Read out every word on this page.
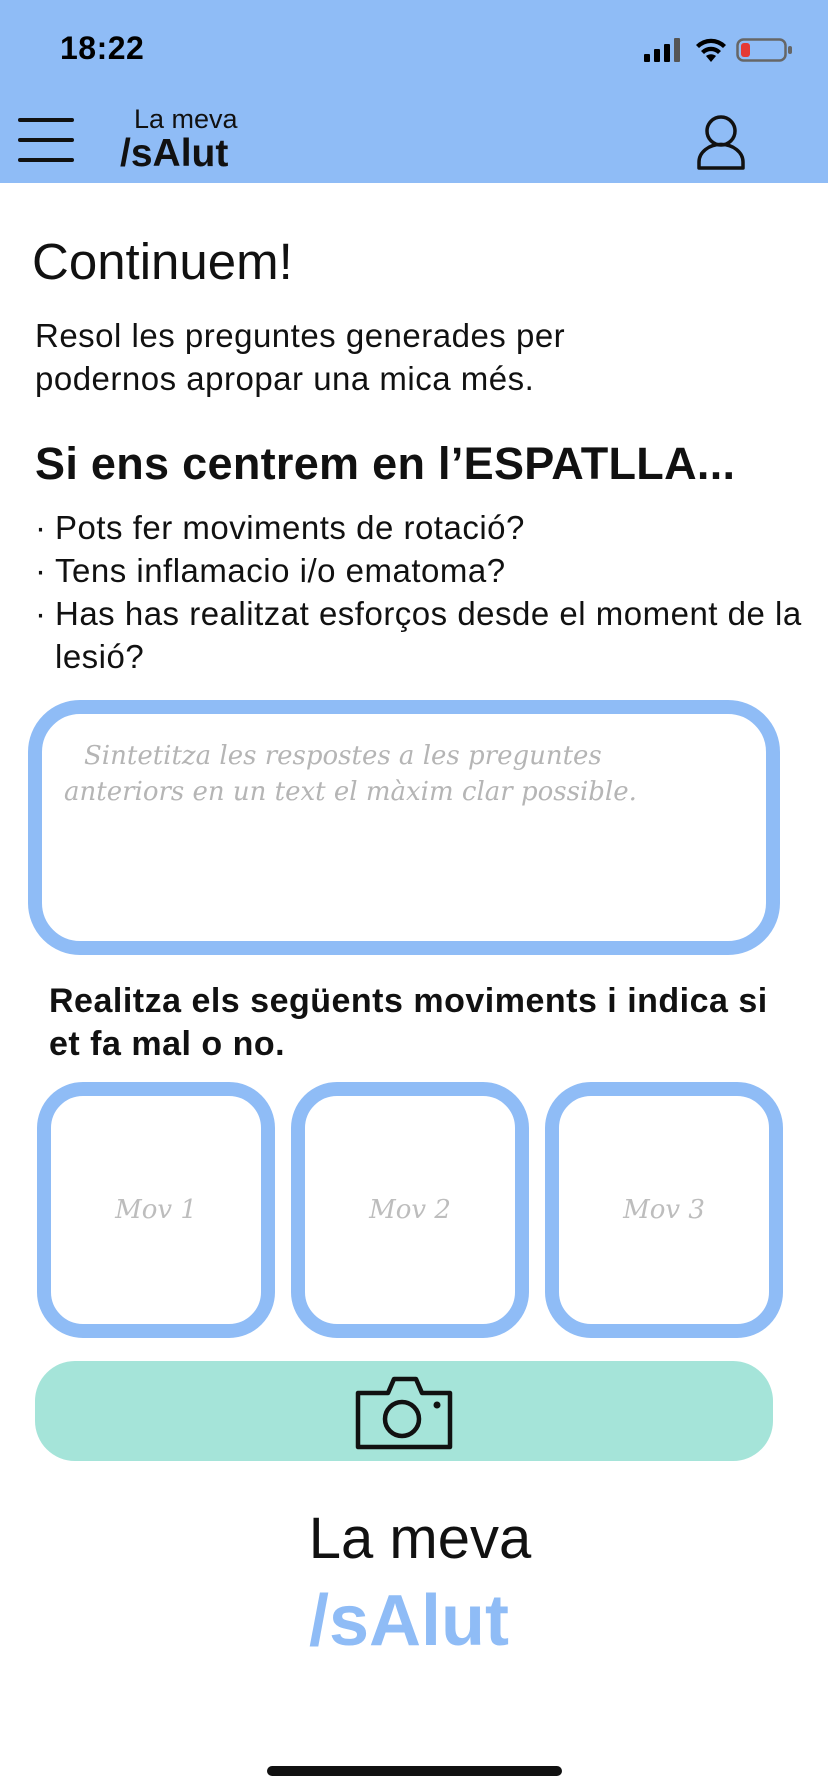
18:22
La meva
/sAlut
Continuem!
Resol les preguntes generades per
podernos apropar una mica més.
Si ens centrem en l’ESPATLLA...
· Pots fer moviments de rotació?
· Tens inflamacio i/o ematoma?
· Has has realitzat esforços desde el moment de la lesió?
Sintetitza les respostes a les preguntes anteriors en un text el màxim clar possible.
Realitza els següents moviments i indica si et fa mal o no.
Mov 1	Mov 2	Mov 3
La meva
/sAlut
